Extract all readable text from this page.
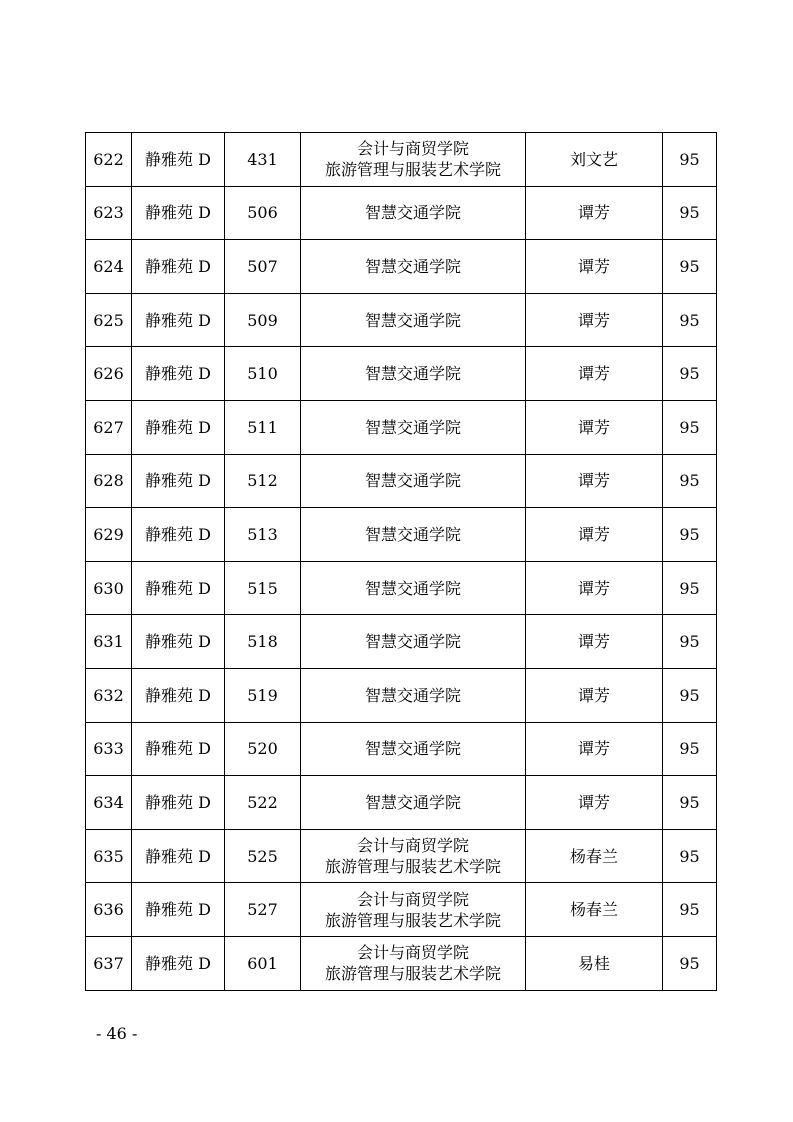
622	静雅苑 D	431	会计与商贸学院
旅游管理与服装艺术学院	刘文艺	95
623	静雅苑 D	506	智慧交通学院	谭芳	95
624	静雅苑 D	507	智慧交通学院	谭芳	95
625	静雅苑 D	509	智慧交通学院	谭芳	95
626	静雅苑 D	510	智慧交通学院	谭芳	95
627	静雅苑 D	511	智慧交通学院	谭芳	95
628	静雅苑 D	512	智慧交通学院	谭芳	95
629	静雅苑 D	513	智慧交通学院	谭芳	95
630	静雅苑 D	515	智慧交通学院	谭芳	95
631	静雅苑 D	518	智慧交通学院	谭芳	95
632	静雅苑 D	519	智慧交通学院	谭芳	95
633	静雅苑 D	520	智慧交通学院	谭芳	95
634	静雅苑 D	522	智慧交通学院	谭芳	95
635	静雅苑 D	525	会计与商贸学院
旅游管理与服装艺术学院	杨春兰	95
636	静雅苑 D	527	会计与商贸学院
旅游管理与服装艺术学院	杨春兰	95
637	静雅苑 D	601	会计与商贸学院
旅游管理与服装艺术学院	易桂	95
- 46 -
